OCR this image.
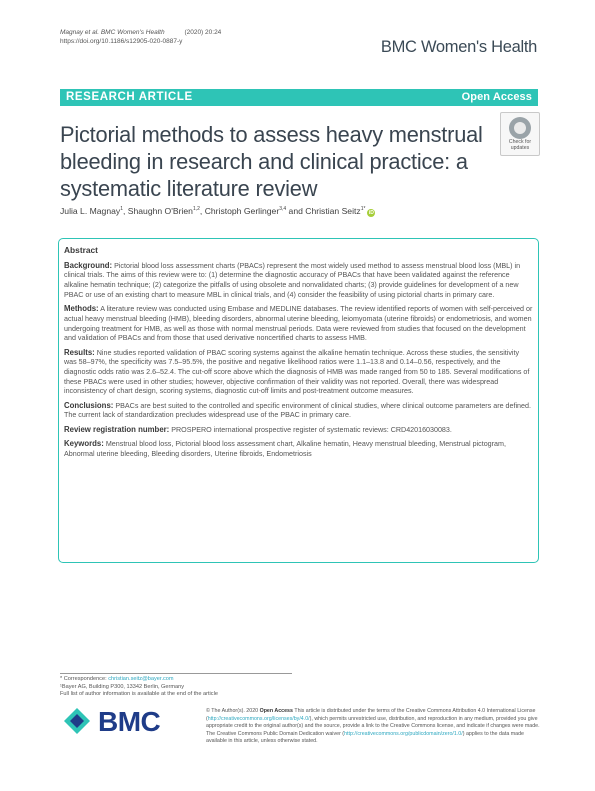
Magnay et al. BMC Women's Health	(2020) 20:24
https://doi.org/10.1186/s12905-020-0887-y	BMC Women's Health
RESEARCH ARTICLE	Open Access
Pictorial methods to assess heavy menstrual bleeding in research and clinical practice: a systematic literature review
Check for
updates
Julia L. Magnay$^1$, Shaughn O'Brien$^{1,2}$, Christoph Gerlinger$^{3,4}$ and Christian Seitz$^{1*}$iD
Abstract

Background: Pictorial blood loss assessment charts (PBACs) represent the most widely used method to assess menstrual blood loss (MBL) in clinical trials. The aims of this review were to: (1) determine the diagnostic accuracy of PBACs that have been validated against the reference alkaline hematin technique; (2) categorize the pitfalls of using obsolete and nonvalidated charts; (3) provide guidelines for development of a new PBAC or use of an existing chart to measure MBL in clinical trials, and (4) consider the feasibility of using pictorial charts in primary care.

Methods: A literature review was conducted using Embase and MEDLINE databases. The review identified reports of women with self-perceived or actual heavy menstrual bleeding (HMB), bleeding disorders, abnormal uterine bleeding, leiomyomata (uterine fibroids) or endometriosis, and women undergoing treatment for HMB, as well as those with normal menstrual periods. Data were reviewed from studies that focused on the development and validation of PBACs and from those that used derivative noncertified charts to assess HMB.

Results: Nine studies reported validation of PBAC scoring systems against the alkaline hematin technique. Across these studies, the sensitivity was 58–97%, the specificity was 7.5–95.5%, the positive and negative likelihood ratios were 1.1–13.8 and 0.14–0.56, respectively, and the diagnostic odds ratio was 2.6–52.4. The cut-off score above which the diagnosis of HMB was made ranged from 50 to 185. Several modifications of these PBACs were used in other studies; however, objective confirmation of their validity was not reported. Overall, there was widespread inconsistency of chart design, scoring systems, diagnostic cut-off limits and post-treatment outcome measures.

Conclusions: PBACs are best suited to the controlled and specific environment of clinical studies, where clinical outcome parameters are defined. The current lack of standardization precludes widespread use of the PBAC in primary care.

Review registration number: PROSPERO international prospective register of systematic reviews: CRD42016030083.

Keywords: Menstrual blood loss, Pictorial blood loss assessment chart, Alkaline hematin, Heavy menstrual bleeding, Menstrual pictogram, Abnormal uterine bleeding, Bleeding disorders, Uterine fibroids, Endometriosis

* Correspondence: christian.seitz@bayer.com
¹Bayer AG, Building P300, 13342 Berlin, Germany
Full list of author information is available at the end of the article
BMC	© The Author(s). 2020 Open Access This article is distributed under the terms of the Creative Commons Attribution 4.0 International License (http://creativecommons.org/licenses/by/4.0/), which permits unrestricted use, distribution, and reproduction in any medium, provided you give appropriate credit to the original author(s) and the source, provide a link to the Creative Commons license, and indicate if changes were made. The Creative Commons Public Domain Dedication waiver (http://creativecommons.org/publicdomain/zero/1.0/) applies to the data made available in this article, unless otherwise stated.
